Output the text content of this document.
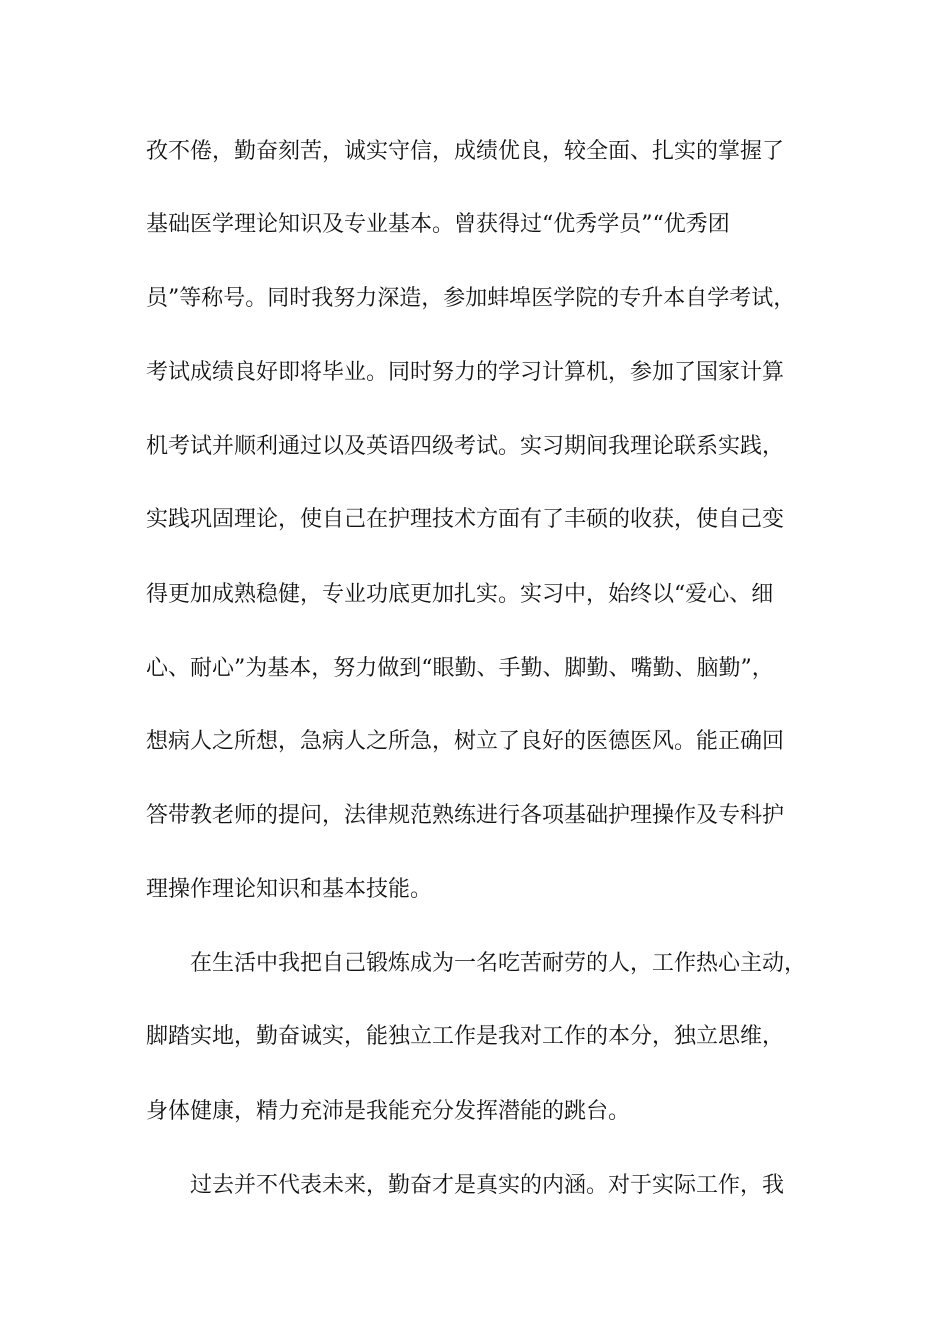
孜不倦，勤奋刻苦，诚实守信，成绩优良，较全面、扎实的掌握了
基础医学理论知识及专业基本。曾获得过“优秀学员”“优秀团
员”等称号。同时我努力深造，参加蚌埠医学院的专升本自学考试，
考试成绩良好即将毕业。同时努力的学习计算机，参加了国家计算
机考试并顺利通过以及英语四级考试。实习期间我理论联系实践，
实践巩固理论，使自己在护理技术方面有了丰硕的收获，使自己变
得更加成熟稳健，专业功底更加扎实。实习中，始终以“爱心、细
心、耐心”为基本，努力做到“眼勤、手勤、脚勤、嘴勤、脑勤”，
想病人之所想，急病人之所急，树立了良好的医德医风。能正确回
答带教老师的提问，法律规范熟练进行各项基础护理操作及专科护
理操作理论知识和基本技能。
在生活中我把自己锻炼成为一名吃苦耐劳的人，工作热心主动，
脚踏实地，勤奋诚实，能独立工作是我对工作的本分，独立思维，
身体健康，精力充沛是我能充分发挥潜能的跳台。
过去并不代表未来，勤奋才是真实的内涵。对于实际工作，我
